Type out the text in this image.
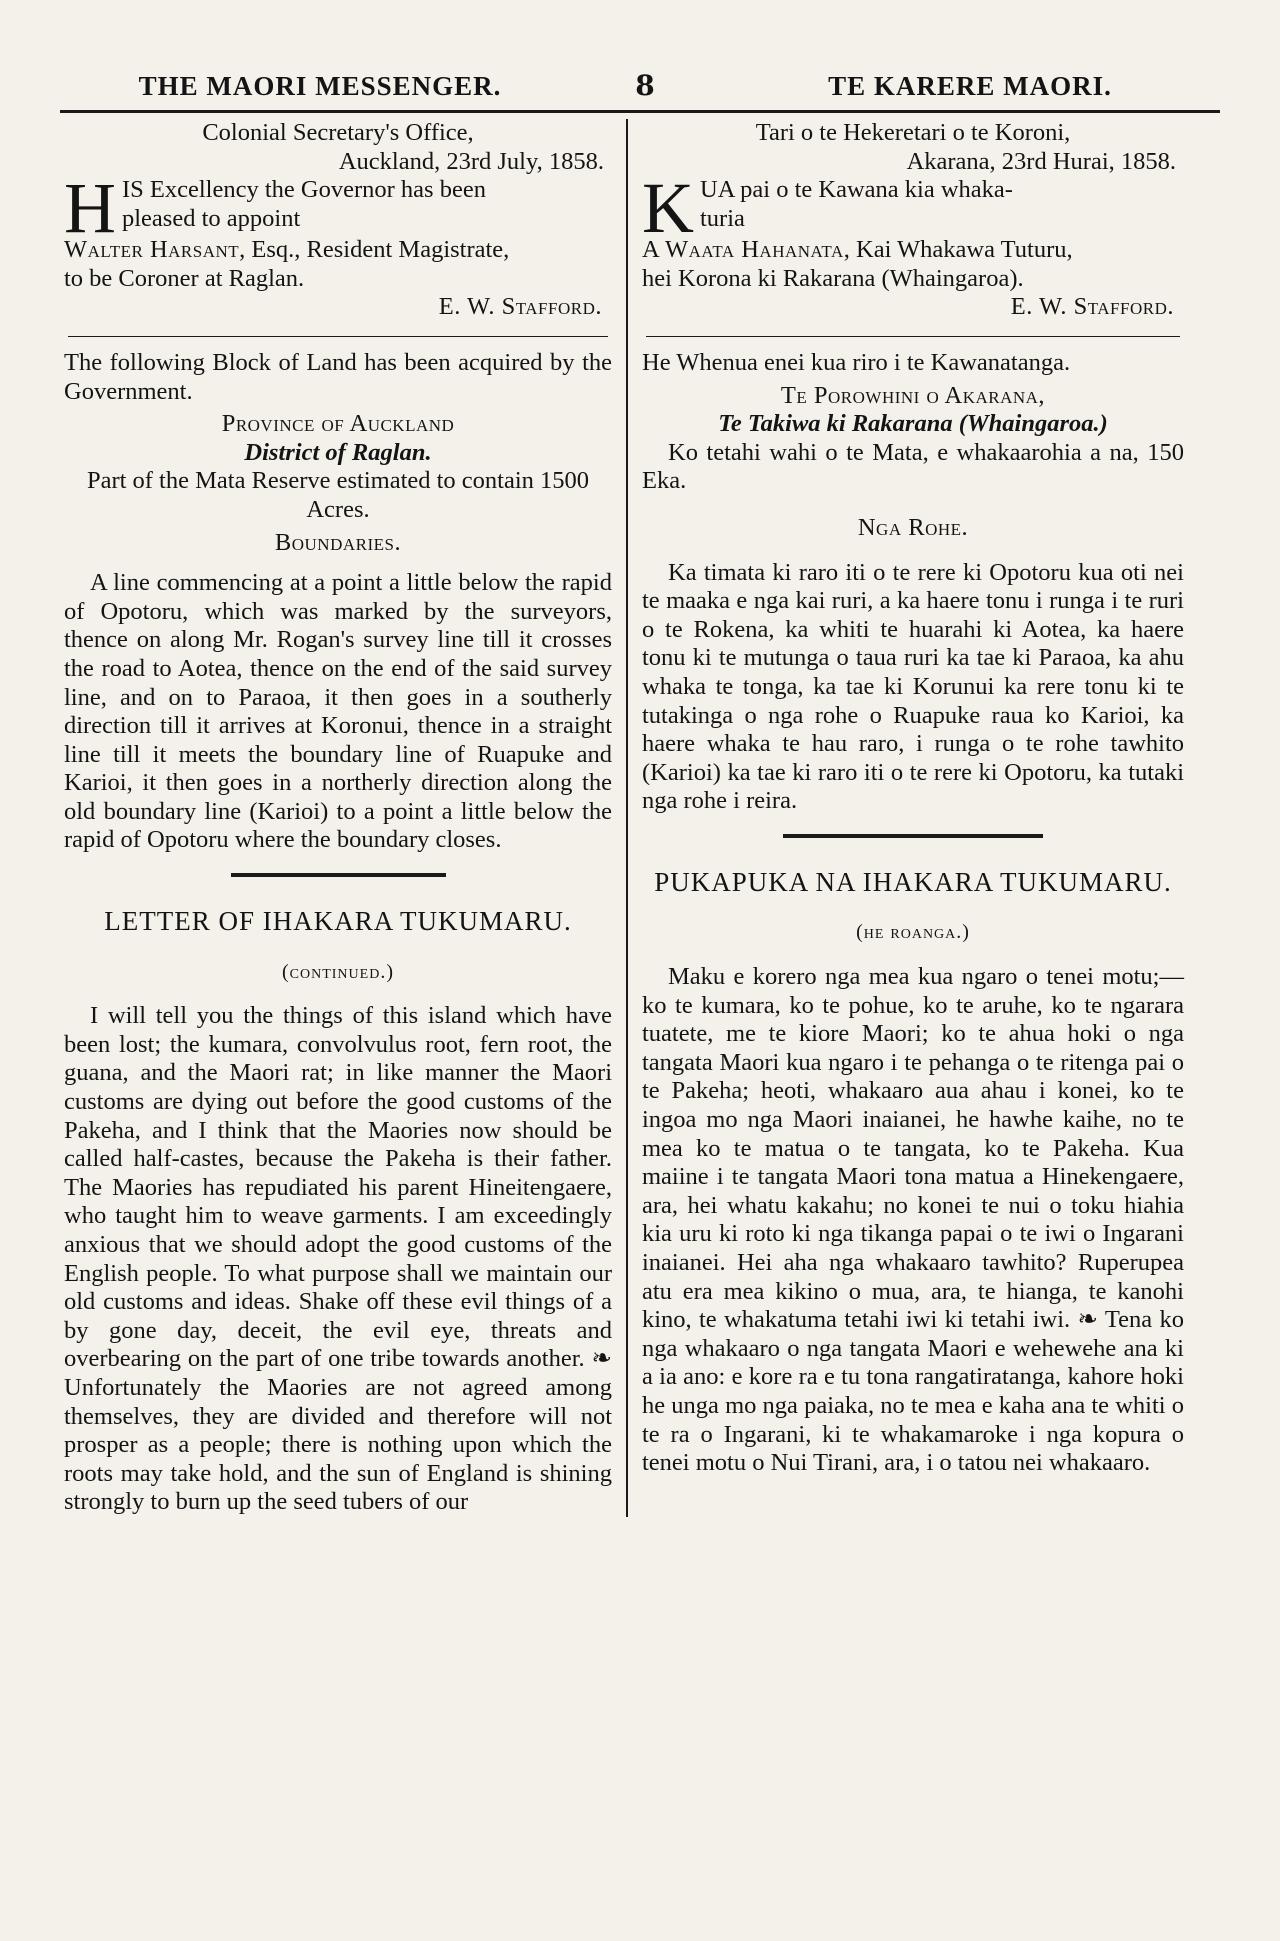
THE MAORI MESSENGER.	8	TE KARERE MAORI.

Colonial Secretary's Office,

Auckland, 23rd July, 1858.

H IS Excellency the Governor has been

pleased to appoint

Walter Harsant, Esq., Resident Magistrate,

to be Coroner at Raglan.

E. W. Stafford.

The following Block of Land has been acquired by the Government.

Province of Auckland

District of Raglan.

Part of the Mata Reserve estimated to contain 1500 Acres.

Boundaries.

A line commencing at a point a little below the rapid of Opotoru, which was marked by the surveyors, thence on along Mr. Rogan's survey line till it crosses the road to Aotea, thence on the end of the said survey line, and on to Paraoa, it then goes in a southerly direction till it arrives at Koronui, thence in a straight line till it meets the boundary line of Ruapuke and Karioi, it then goes in a northerly direction along the old boundary line (Karioi) to a point a little below the rapid of Opotoru where the boundary closes.

LETTER OF IHAKARA TUKUMARU.
(continued.)

I will tell you the things of this island which have been lost; the kumara, convolvulus root, fern root, the guana, and the Maori rat; in like manner the Maori customs are dying out before the good customs of the Pakeha, and I think that the Maories now should be called half-castes, because the Pakeha is their father. The Maories has repudiated his parent Hineitengaere, who taught him to weave garments. I am exceedingly anxious that we should adopt the good customs of the English people. To what purpose shall we maintain our old customs and ideas. Shake off these evil things of a by gone day, deceit, the evil eye, threats and overbearing on the part of one tribe towards another. ❧ Unfortunately the Maories are not agreed among themselves, they are divided and therefore will not prosper as a people; there is nothing upon which the roots may take hold, and the sun of England is shining strongly to burn up the seed tubers of our

Tari o te Hekeretari o te Koroni,

Akarana, 23rd Hurai, 1858.

K UA pai o te Kawana kia whaka-

turia

A Waata Hahanata, Kai Whakawa Tuturu,

hei Korona ki Rakarana (Whaingaroa).

E. W. Stafford.

He Whenua enei kua riro i te Kawanatanga.

Te Porowhini o Akarana,

Te Takiwa ki Rakarana (Whaingaroa.)

Ko tetahi wahi o te Mata, e whakaarohia a na, 150 Eka.

Nga Rohe.

Ka timata ki raro iti o te rere ki Opotoru kua oti nei te maaka e nga kai ruri, a ka haere tonu i runga i te ruri o te Rokena, ka whiti te huarahi ki Aotea, ka haere tonu ki te mutunga o taua ruri ka tae ki Paraoa, ka ahu whaka te tonga, ka tae ki Korunui ka rere tonu ki te tutakinga o nga rohe o Ruapuke raua ko Karioi, ka haere whaka te hau raro, i runga o te rohe tawhito (Karioi) ka tae ki raro iti o te rere ki Opotoru, ka tutaki nga rohe i reira.

PUKAPUKA NA IHAKARA TUKUMARU.
(he roanga.)

Maku e korero nga mea kua ngaro o tenei motu;—ko te kumara, ko te pohue, ko te aruhe, ko te ngarara tuatete, me te kiore Maori; ko te ahua hoki o nga tangata Maori kua ngaro i te pehanga o te ritenga pai o te Pakeha; heoti, whakaaro aua ahau i konei, ko te ingoa mo nga Maori inaianei, he hawhe kaihe, no te mea ko te matua o te tangata, ko te Pakeha. Kua maiine i te tangata Maori tona matua a Hinekengaere, ara, hei whatu kakahu; no konei te nui o toku hiahia kia uru ki roto ki nga tikanga papai o te iwi o Ingarani inaianei. Hei aha nga whakaaro tawhito? Ruperupea atu era mea kikino o mua, ara, te hianga, te kanohi kino, te whakatuma tetahi iwi ki tetahi iwi. ❧ Tena ko nga whakaaro o nga tangata Maori e wehewehe ana ki a ia ano: e kore ra e tu tona rangatiratanga, kahore hoki he unga mo nga paiaka, no te mea e kaha ana te whiti o te ra o Ingarani, ki te whakamaroke i nga kopura o tenei motu o Nui Tirani, ara, i o tatou nei whakaaro.
